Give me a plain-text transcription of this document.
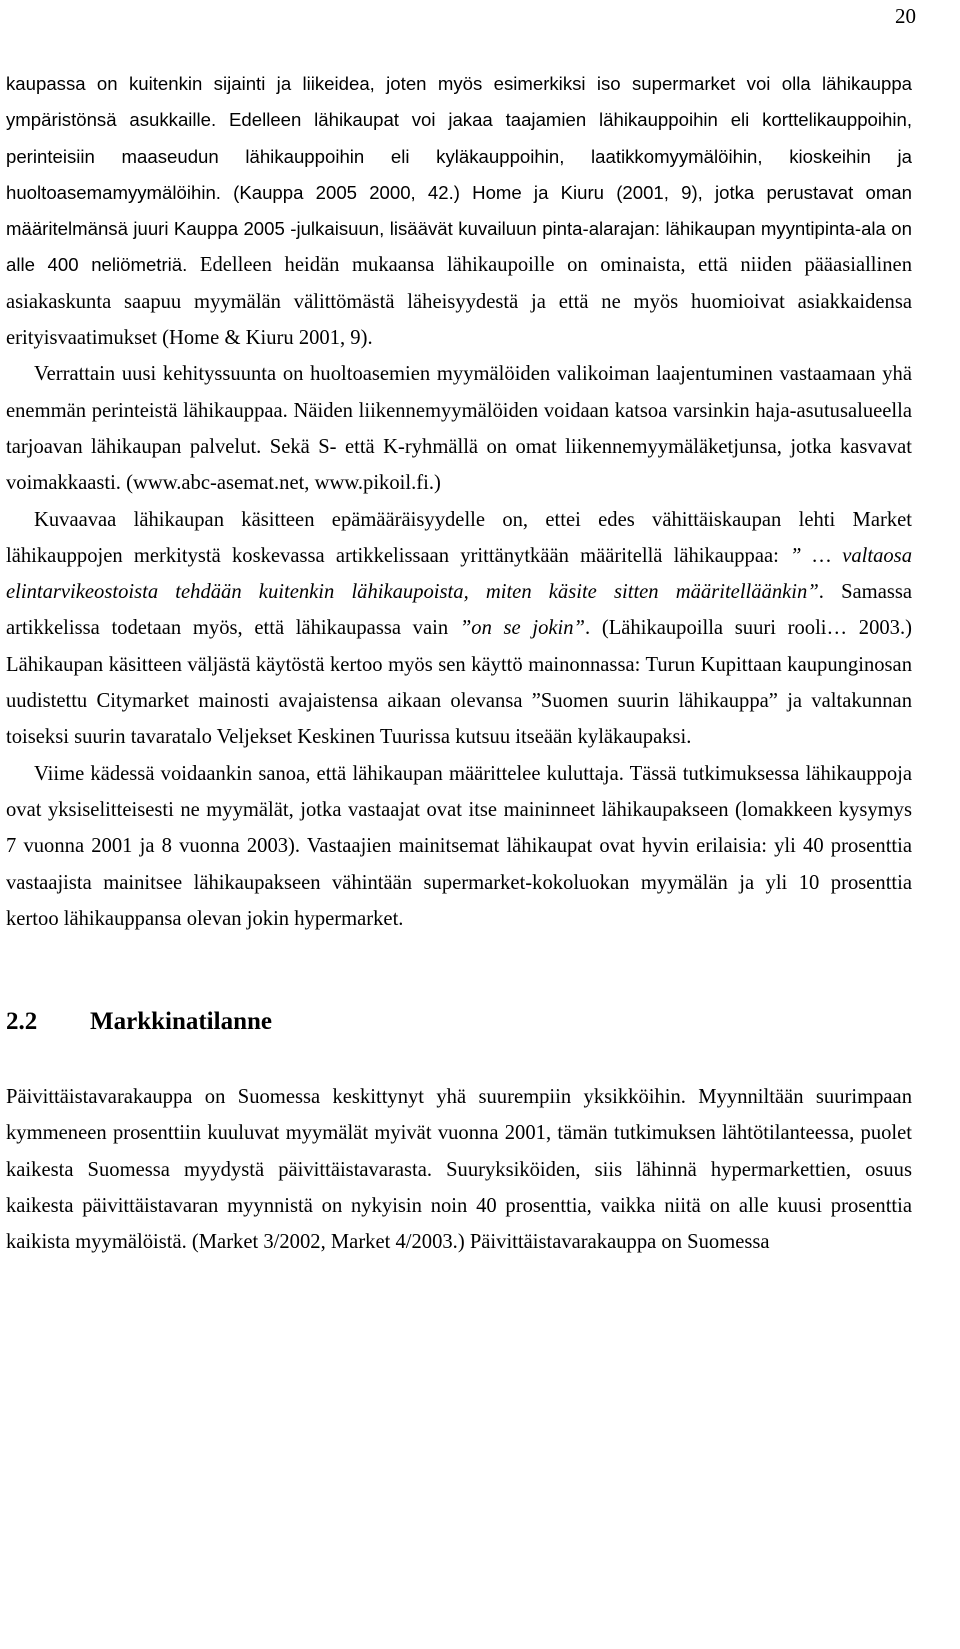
20

kaupassa on kuitenkin sijainti ja liikeidea, joten myös esimerkiksi iso supermarket voi olla lähikauppa ympäristönsä asukkaille. Edelleen lähikaupat voi jakaa taajamien lähikauppoihin eli korttelikauppoihin, perinteisiin maaseudun lähikauppoihin eli kyläkauppoihin, laatikkomyymälöihin, kioskeihin ja huoltoasemamyymälöihin. (Kauppa 2005 2000, 42.) Home ja Kiuru (2001, 9), jotka perustavat oman määritelmänsä juuri Kauppa 2005 -julkaisuun, lisäävät kuvailuun pinta-alarajan: lähikaupan myyntipinta-ala on alle 400 neliömetriä. Edelleen heidän mukaansa lähikaupoille on ominaista, että niiden pääasiallinen asiakaskunta saapuu myymälän välittömästä läheisyydestä ja että ne myös huomioivat asiakkaidensa erityisvaatimukset (Home & Kiuru 2001, 9).

Verrattain uusi kehityssuunta on huoltoasemien myymälöiden valikoiman laajentuminen vastaamaan yhä enemmän perinteistä lähikauppaa. Näiden liikennemyymälöiden voidaan katsoa varsinkin haja-asutusalueella tarjoavan lähikaupan palvelut. Sekä S- että K-ryhmällä on omat liikennemyymäläketjunsa, jotka kasvavat voimakkaasti. (www.abc-asemat.net, www.pikoil.fi.)

Kuvaavaa lähikaupan käsitteen epämääräisyydelle on, ettei edes vähittäiskaupan lehti Market lähikauppojen merkitystä koskevassa artikkelissaan yrittänytkään määritellä lähikauppaa: ” … valtaosa elintarvikeostoista tehdään kuitenkin lähikaupoista, miten käsite sitten määritelläänkin”. Samassa artikkelissa todetaan myös, että lähikaupassa vain ”on se jokin”. (Lähikaupoilla suuri rooli… 2003.) Lähikaupan käsitteen väljästä käytöstä kertoo myös sen käyttö mainonnassa: Turun Kupittaan kaupunginosan uudistettu Citymarket mainosti avajaistensa aikaan olevansa ”Suomen suurin lähikauppa” ja valtakunnan toiseksi suurin tavaratalo Veljekset Keskinen Tuurissa kutsuu itseään kyläkaupaksi.

Viime kädessä voidaankin sanoa, että lähikaupan määrittelee kuluttaja. Tässä tutkimuksessa lähikauppoja ovat yksiselitteisesti ne myymälät, jotka vastaajat ovat itse maininneet lähikaupakseen (lomakkeen kysymys 7 vuonna 2001 ja 8 vuonna 2003). Vastaajien mainitsemat lähikaupat ovat hyvin erilaisia: yli 40 prosenttia vastaajista mainitsee lähikaupakseen vähintään supermarket-kokoluokan myymälän ja yli 10 prosenttia kertoo lähikauppansa olevan jokin hypermarket.

2.2	Markkinatilanne

Päivittäistavarakauppa on Suomessa keskittynyt yhä suurempiin yksikköihin. Myynniltään suurimpaan kymmeneen prosenttiin kuuluvat myymälät myivät vuonna 2001, tämän tutkimuksen lähtötilanteessa, puolet kaikesta Suomessa myydystä päivittäistavarasta. Suuryksiköiden, siis lähinnä hypermarkettien, osuus kaikesta päivittäistavaran myynnistä on nykyisin noin 40 prosenttia, vaikka niitä on alle kuusi prosenttia kaikista myymälöistä. (Market 3/2002, Market 4/2003.) Päivittäistavarakauppa on Suomessa
